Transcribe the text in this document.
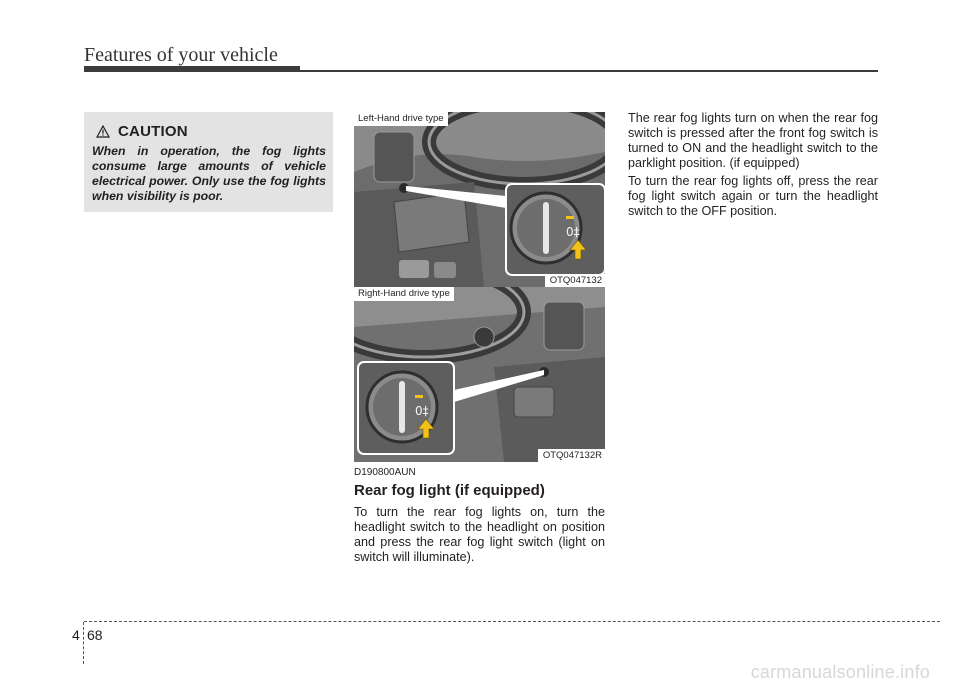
Features of your vehicle
CAUTION
When in operation, the fog lights consume large amounts of vehicle electrical power. Only use the fog lights when visibility is poor.
0‡
Left-Hand drive type
OTQ047132
0‡
Right-Hand drive type
OTQ047132R
D190800AUN
Rear fog light (if equipped)
To turn the rear fog lights on, turn the headlight switch to the headlight on position and press the rear fog light switch (light on switch will illuminate).

The rear fog lights turn on when the rear fog switch is pressed after the front fog switch is turned to ON and the headlight switch to the parklight position. (if equipped)

To turn the rear fog lights off, press the rear fog light switch again or turn the headlight switch to the OFF position.

4 68
carmanualsonline.info
